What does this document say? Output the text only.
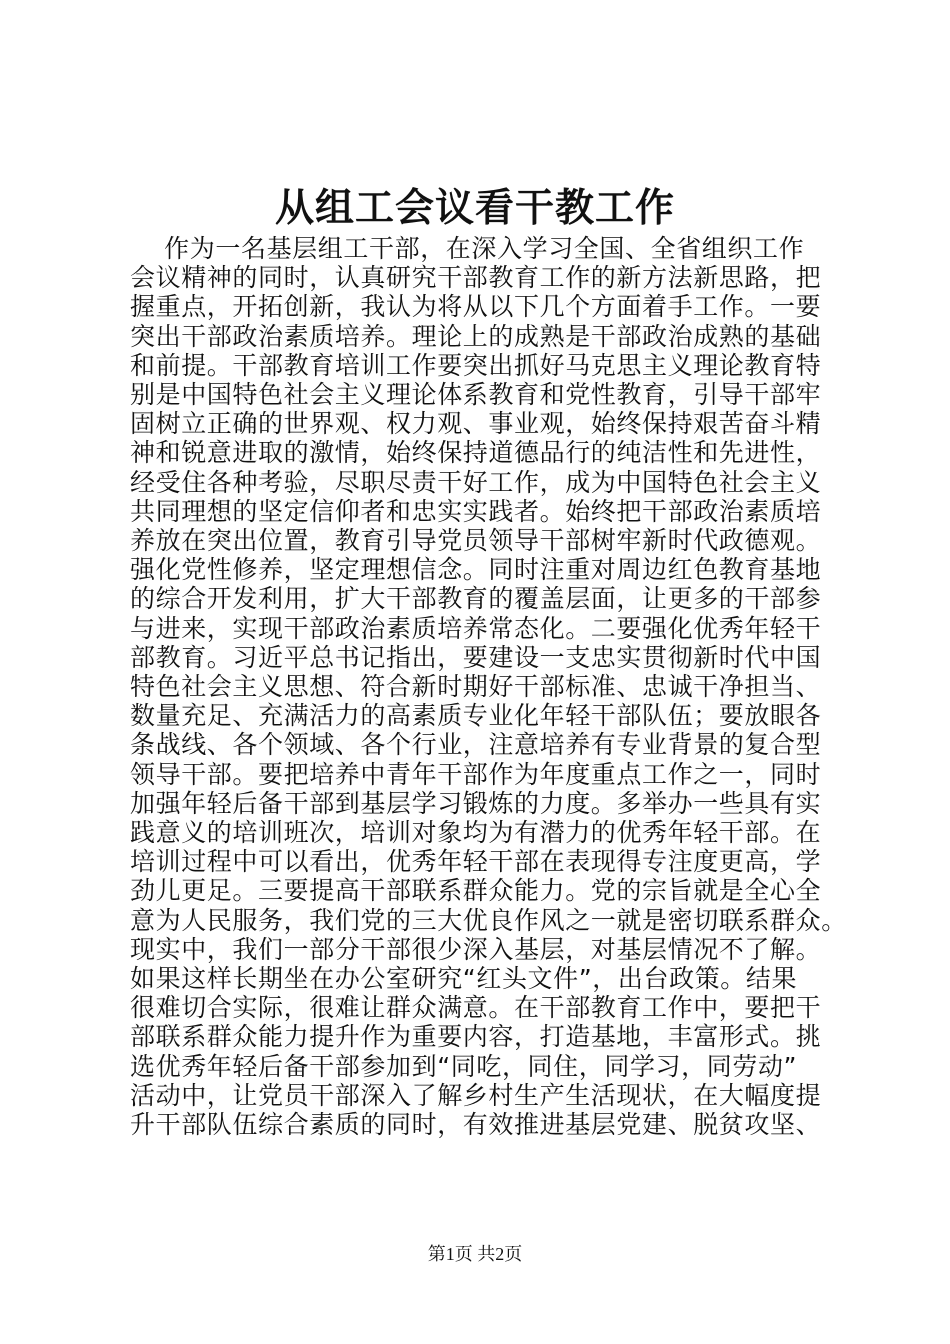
从组工会议看干教工作
作为一名基层组工干部，在深入学习全国、全省组织工作
会议精神的同时，认真研究干部教育工作的新方法新思路，把
握重点，开拓创新，我认为将从以下几个方面着手工作。一要
突出干部政治素质培养。理论上的成熟是干部政治成熟的基础
和前提。干部教育培训工作要突出抓好马克思主义理论教育特
别是中国特色社会主义理论体系教育和党性教育，引导干部牢
固树立正确的世界观、权力观、事业观，始终保持艰苦奋斗精
神和锐意进取的激情，始终保持道德品行的纯洁性和先进性，
经受住各种考验，尽职尽责干好工作，成为中国特色社会主义
共同理想的坚定信仰者和忠实实践者。始终把干部政治素质培
养放在突出位置，教育引导党员领导干部树牢新时代政德观。
强化党性修养，坚定理想信念。同时注重对周边红色教育基地
的综合开发利用，扩大干部教育的覆盖层面，让更多的干部参
与进来，实现干部政治素质培养常态化。二要强化优秀年轻干
部教育。习近平总书记指出，要建设一支忠实贯彻新时代中国
特色社会主义思想、符合新时期好干部标准、忠诚干净担当、
数量充足、充满活力的高素质专业化年轻干部队伍；要放眼各
条战线、各个领域、各个行业，注意培养有专业背景的复合型
领导干部。要把培养中青年干部作为年度重点工作之一，同时
加强年轻后备干部到基层学习锻炼的力度。多举办一些具有实
践意义的培训班次，培训对象均为有潜力的优秀年轻干部。在
培训过程中可以看出，优秀年轻干部在表现得专注度更高，学
劲儿更足。三要提高干部联系群众能力。党的宗旨就是全心全
意为人民服务，我们党的三大优良作风之一就是密切联系群众。
现实中，我们一部分干部很少深入基层，对基层情况不了解。
如果这样长期坐在办公室研究“红头文件”，出台政策。结果
很难切合实际，很难让群众满意。在干部教育工作中，要把干
部联系群众能力提升作为重要内容，打造基地，丰富形式。挑
选优秀年轻后备干部参加到“同吃，同住，同学习，同劳动”
活动中，让党员干部深入了解乡村生产生活现状，在大幅度提
升干部队伍综合素质的同时，有效推进基层党建、脱贫攻坚、
第1页 共2页
